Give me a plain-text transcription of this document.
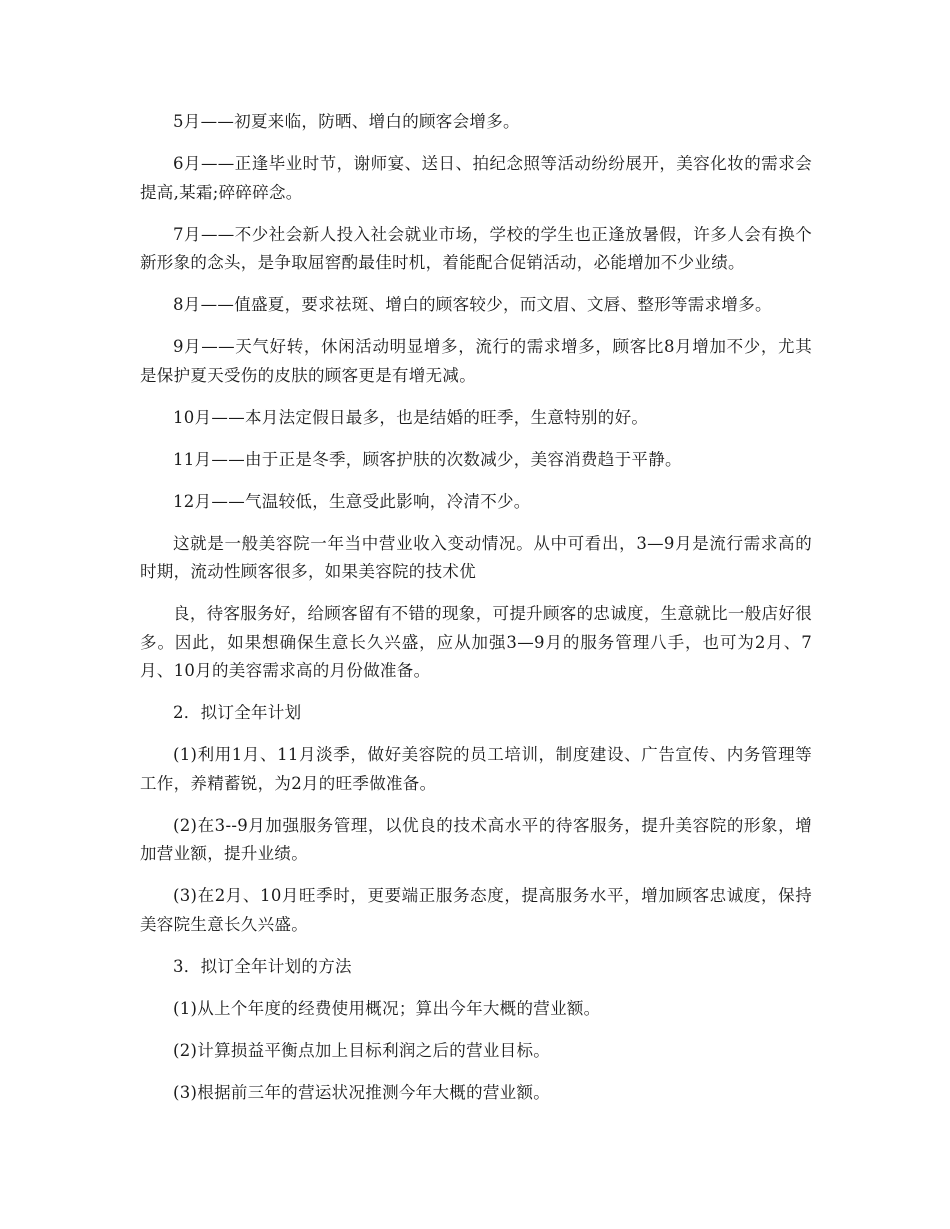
5月——初夏来临，防晒、增白的顾客会增多。

6月——正逢毕业时节，谢师宴、送日、拍纪念照等活动纷纷展开，美容化妆的需求会提高,某霜;碎碎碎念。

7月——不少社会新人投入社会就业市场，学校的学生也正逢放暑假，许多人会有换个新形象的念头，是争取屈窖酌最佳时机，着能配合促销活动，必能增加不少业绩。

8月——值盛夏，要求祛斑、增白的顾客较少，而文眉、文唇、整形等需求增多。

9月——天气好转，休闲活动明显增多，流行的需求增多，顾客比8月增加不少，尤其是保护夏天受伤的皮肤的顾客更是有增无减。

10月——本月法定假日最多，也是结婚的旺季，生意特别的好。

11月——由于正是冬季，顾客护肤的次数减少，美容消费趋于平静。

12月——气温较低，生意受此影响，冷清不少。

这就是一般美容院一年当中营业收入变动情况。从中可看出，3—9月是流行需求高的时期，流动性顾客很多，如果美容院的技术优

良，待客服务好，给顾客留有不错的现象，可提升顾客的忠诚度，生意就比一般店好很多。因此，如果想确保生意长久兴盛，应从加强3—9月的服务管理八手，也可为2月、7月、10月的美容需求高的月份做准备。

2．拟订全年计划

(1)利用1月、11月淡季，做好美容院的员工培训，制度建设、广告宣传、内务管理等工作，养精蓄锐，为2月的旺季做准备。

(2)在3--9月加强服务管理，以优良的技术高水平的待客服务，提升美容院的形象，增加营业额，提升业绩。

(3)在2月、10月旺季时，更要端正服务态度，提高服务水平，增加顾客忠诚度，保持美容院生意长久兴盛。

3．拟订全年计划的方法

(1)从上个年度的经费使用概况；算出今年大概的营业额。

(2)计算损益平衡点加上目标利润之后的营业目标。

(3)根据前三年的营运状况推测今年大概的营业额。
